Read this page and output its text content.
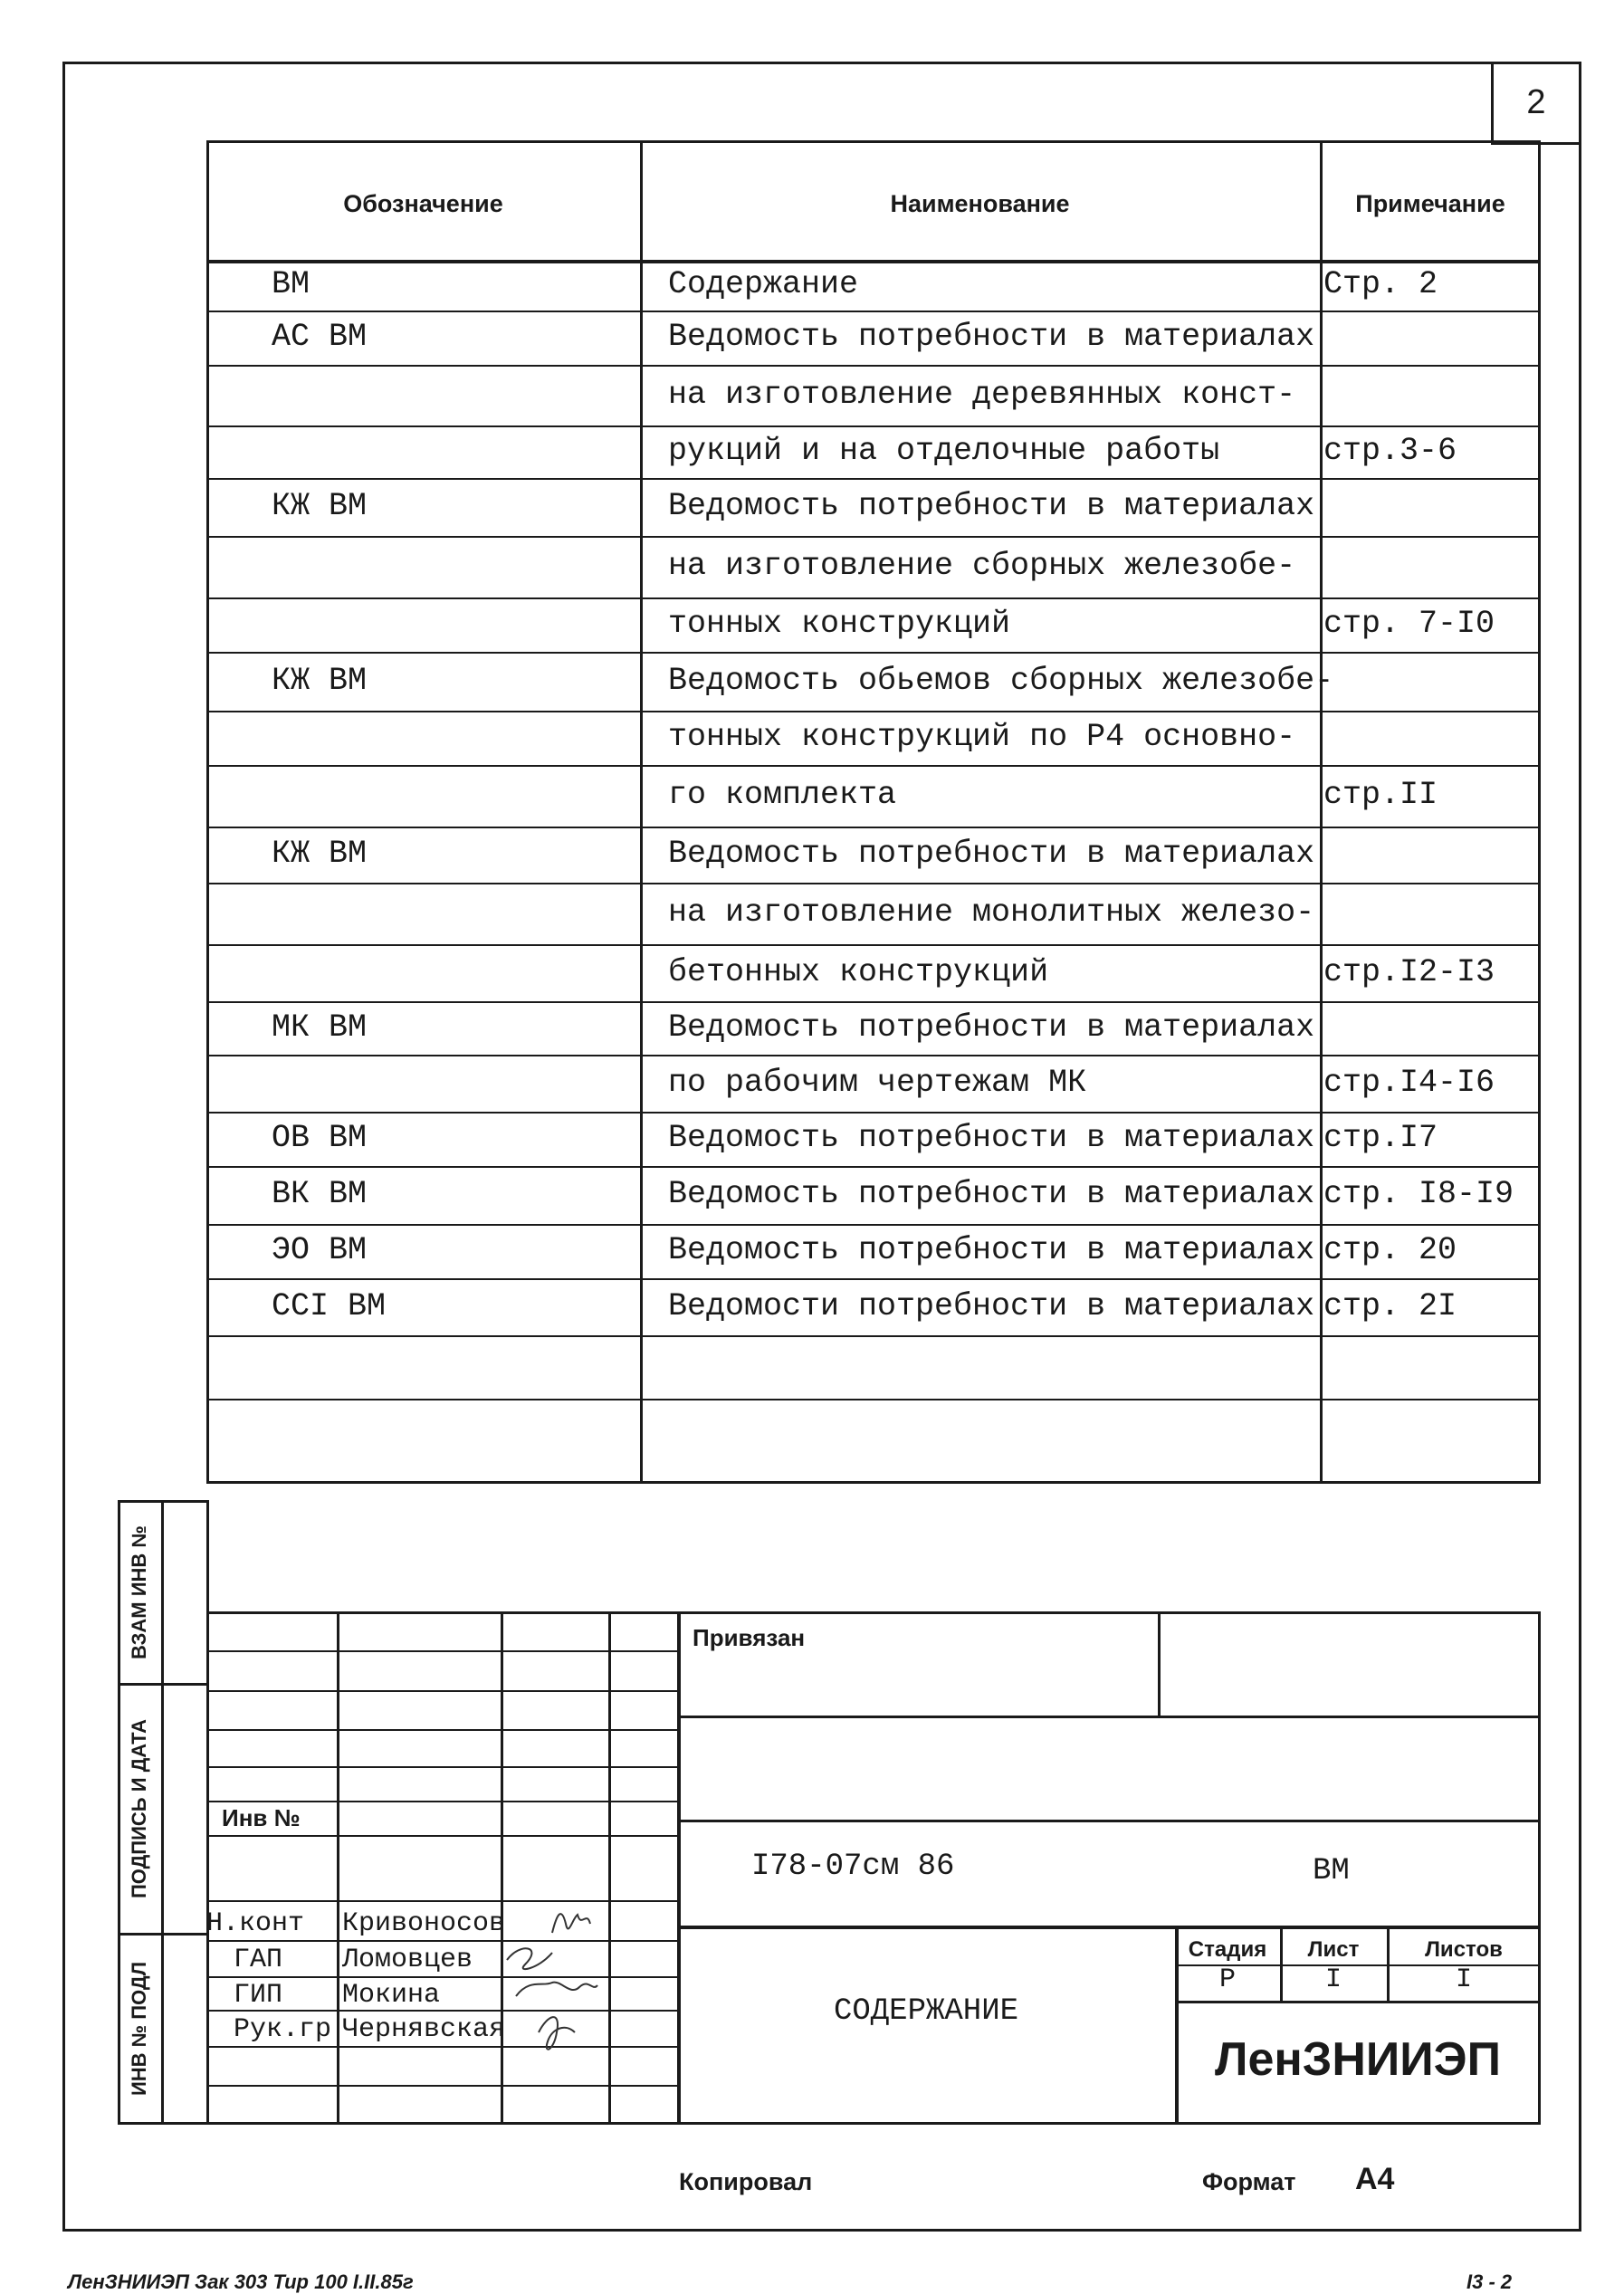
2
Обозначение	Наименование	Примечание
ВМ	Содержание	Стр. 2
АС ВМ	Ведомость потребности в материалах
на изготовление деревянных конст-
рукций и на отделочные работы	стр.3-6
КЖ ВМ	Ведомость потребности в материалах
на изготовление сборных железобе-
тонных конструкций	стр. 7-I0
КЖ ВМ	Ведомость обьемов сборных железобе-
тонных конструкций по Р4 основно-
го комплекта	стр.II
КЖ ВМ	Ведомость потребности в материалах
на изготовление монолитных железо-
бетонных конструкций	стр.I2-I3
МК ВМ	Ведомость потребности в материалах
по рабочим чертежам МК	стр.I4-I6
ОВ ВМ	Ведомость потребности в материалах стр.I7
ВК ВМ	Ведомость потребности в материалах стр. I8-I9
ЭО ВМ	Ведомость потребности в материалах стр. 20
ССI ВМ	Ведомости потребности в материалах стр. 2I
ВЗАМ ИНВ №
ПОДПИСЬ И ДАТА
ИНВ № ПОДЛ
Инв №
Н.конт Кривоносов
ГАП Ломовцев
ГИП Мокина
Рук.гр Чернявская
Привязан
I78-07см 86	ВМ
СОДЕРЖАНИЕ
Стадия	Лист	Листов
Р	I	I
ЛенЗНИИЭП
Копировал	Формат А4
ЛенЗНИИЭП Зак 303 Тир 100 I.II.85г	I3 - 2
